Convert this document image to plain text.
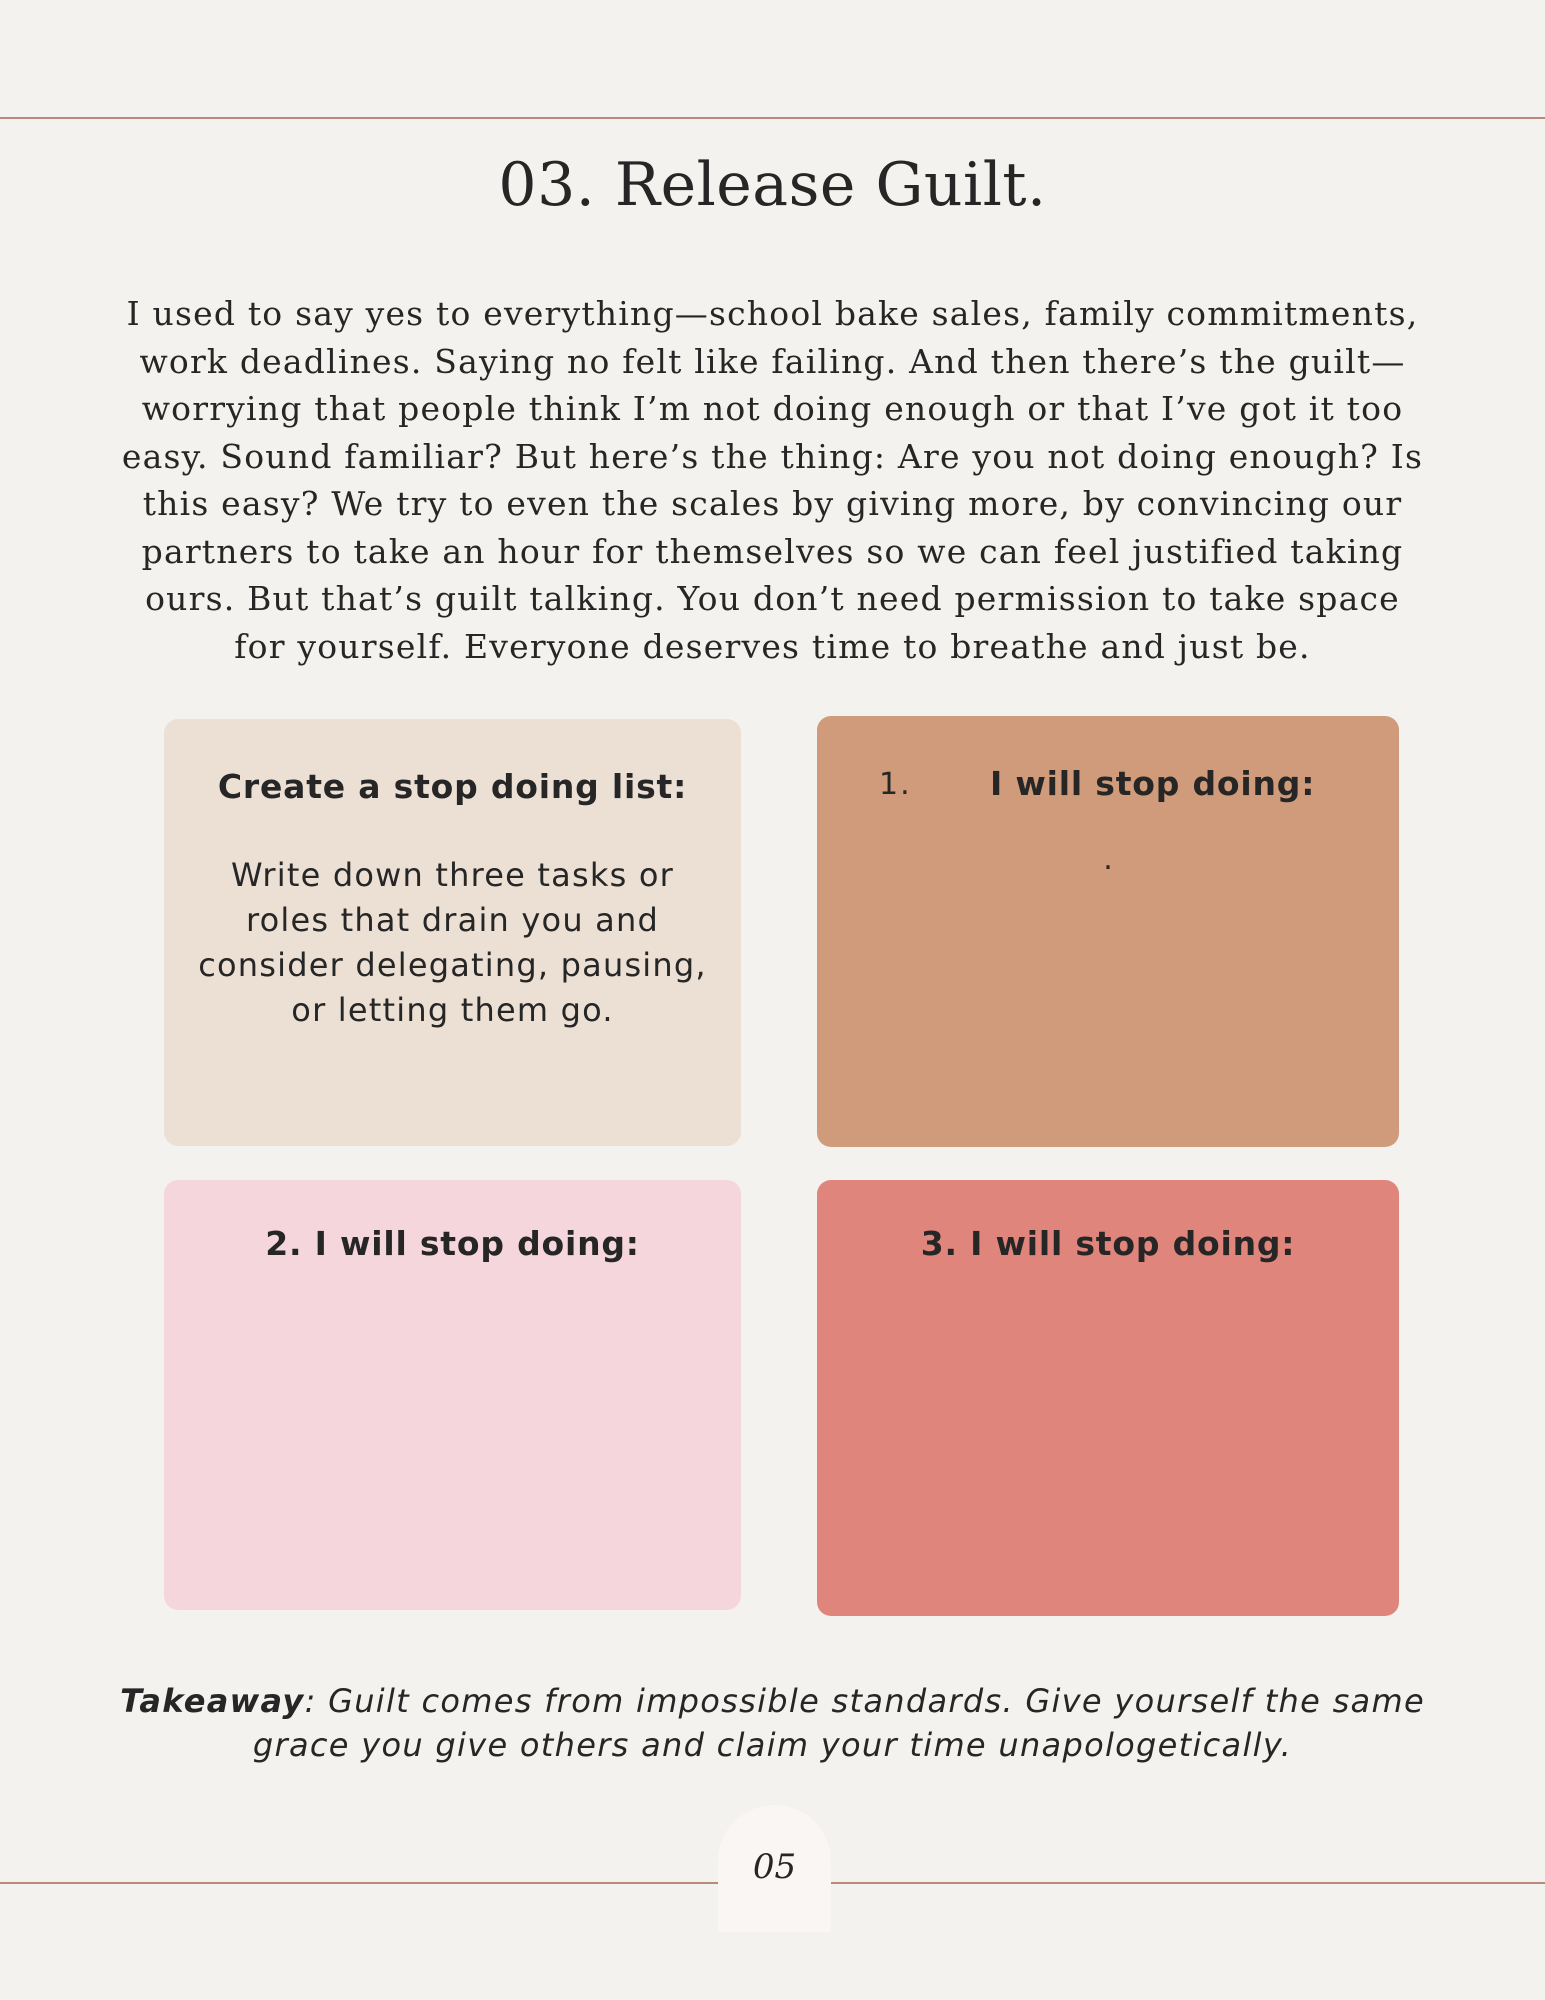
03. Release Guilt.

I used to say yes to everything—school bake sales, family commitments, work deadlines. Saying no felt like failing. And then there’s the guilt—worrying that people think I’m not doing enough or that I’ve got it too easy. Sound familiar? But here’s the thing: Are you not doing enough? Is this easy? We try to even the scales by giving more, by convincing our partners to take an hour for themselves so we can feel justified taking ours. But that’s guilt talking. You don’t need permission to take space for yourself. Everyone deserves time to breathe and just be.

Create a stop doing list:

Write down three tasks or roles that drain you and consider delegating, pausing, or letting them go.

1. I will stop doing:

.

2. I will stop doing:	3. I will stop doing:

Takeaway: Guilt comes from impossible standards. Give yourself the same grace you give others and claim your time unapologetically.

05
